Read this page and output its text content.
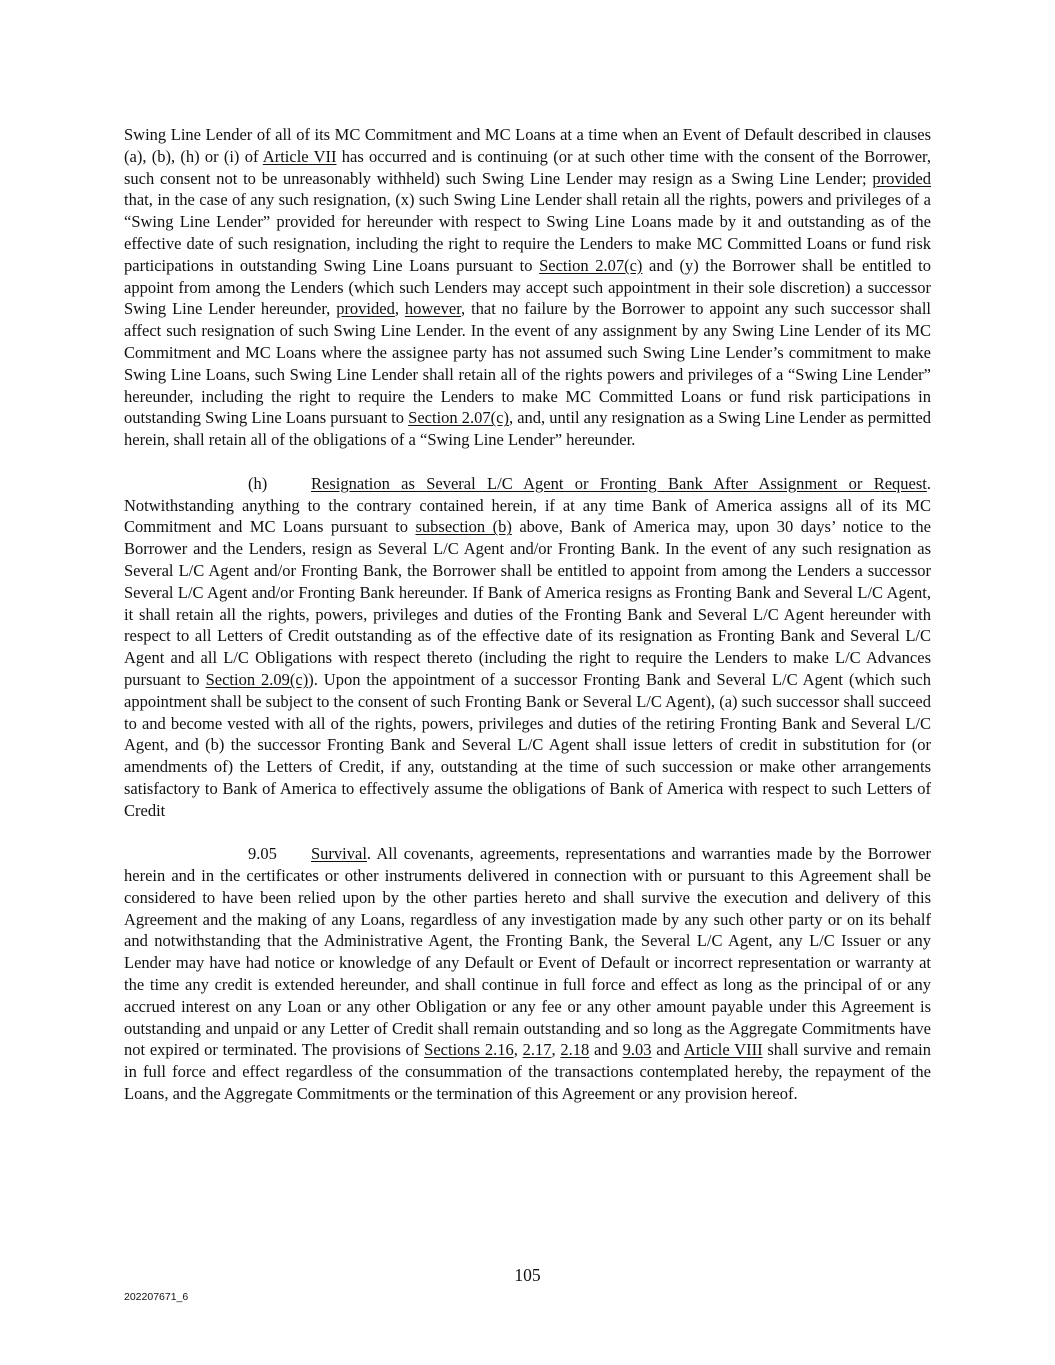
Swing Line Lender of all of its MC Commitment and MC Loans at a time when an Event of Default described in clauses (a), (b), (h) or (i) of Article VII has occurred and is continuing (or at such other time with the consent of the Borrower, such consent not to be unreasonably withheld) such Swing Line Lender may resign as a Swing Line Lender; provided that, in the case of any such resignation, (x) such Swing Line Lender shall retain all the rights, powers and privileges of a “Swing Line Lender” provided for hereunder with respect to Swing Line Loans made by it and outstanding as of the effective date of such resignation, including the right to require the Lenders to make MC Committed Loans or fund risk participations in outstanding Swing Line Loans pursuant to Section 2.07(c) and (y) the Borrower shall be entitled to appoint from among the Lenders (which such Lenders may accept such appointment in their sole discretion) a successor Swing Line Lender hereunder, provided, however, that no failure by the Borrower to appoint any such successor shall affect such resignation of such Swing Line Lender. In the event of any assignment by any Swing Line Lender of its MC Commitment and MC Loans where the assignee party has not assumed such Swing Line Lender’s commitment to make Swing Line Loans, such Swing Line Lender shall retain all of the rights powers and privileges of a “Swing Line Lender” hereunder, including the right to require the Lenders to make MC Committed Loans or fund risk participations in outstanding Swing Line Loans pursuant to Section 2.07(c), and, until any resignation as a Swing Line Lender as permitted herein, shall retain all of the obligations of a “Swing Line Lender” hereunder.

(h)	Resignation as Several L/C Agent or Fronting Bank After Assignment or Request. Notwithstanding anything to the contrary contained herein, if at any time Bank of America assigns all of its MC Commitment and MC Loans pursuant to subsection (b) above, Bank of America may, upon 30 days’ notice to the Borrower and the Lenders, resign as Several L/C Agent and/or Fronting Bank. In the event of any such resignation as Several L/C Agent and/or Fronting Bank, the Borrower shall be entitled to appoint from among the Lenders a successor Several L/C Agent and/or Fronting Bank hereunder. If Bank of America resigns as Fronting Bank and Several L/C Agent, it shall retain all the rights, powers, privileges and duties of the Fronting Bank and Several L/C Agent hereunder with respect to all Letters of Credit outstanding as of the effective date of its resignation as Fronting Bank and Several L/C Agent and all L/C Obligations with respect thereto (including the right to require the Lenders to make L/C Advances pursuant to Section 2.09(c)). Upon the appointment of a successor Fronting Bank and Several L/C Agent (which such appointment shall be subject to the consent of such Fronting Bank or Several L/C Agent), (a) such successor shall succeed to and become vested with all of the rights, powers, privileges and duties of the retiring Fronting Bank and Several L/C Agent, and (b) the successor Fronting Bank and Several L/C Agent shall issue letters of credit in substitution for (or amendments of) the Letters of Credit, if any, outstanding at the time of such succession or make other arrangements satisfactory to Bank of America to effectively assume the obligations of Bank of America with respect to such Letters of Credit

9.05 Survival. All covenants, agreements, representations and warranties made by the Borrower herein and in the certificates or other instruments delivered in connection with or pursuant to this Agreement shall be considered to have been relied upon by the other parties hereto and shall survive the execution and delivery of this Agreement and the making of any Loans, regardless of any investigation made by any such other party or on its behalf and notwithstanding that the Administrative Agent, the Fronting Bank, the Several L/C Agent, any L/C Issuer or any Lender may have had notice or knowledge of any Default or Event of Default or incorrect representation or warranty at the time any credit is extended hereunder, and shall continue in full force and effect as long as the principal of or any accrued interest on any Loan or any other Obligation or any fee or any other amount payable under this Agreement is outstanding and unpaid or any Letter of Credit shall remain outstanding and so long as the Aggregate Commitments have not expired or terminated. The provisions of Sections 2.16, 2.17, 2.18 and 9.03 and Article VIII shall survive and remain in full force and effect regardless of the consummation of the transactions contemplated hereby, the repayment of the Loans, and the Aggregate Commitments or the termination of this Agreement or any provision hereof.

105
202207671_6
